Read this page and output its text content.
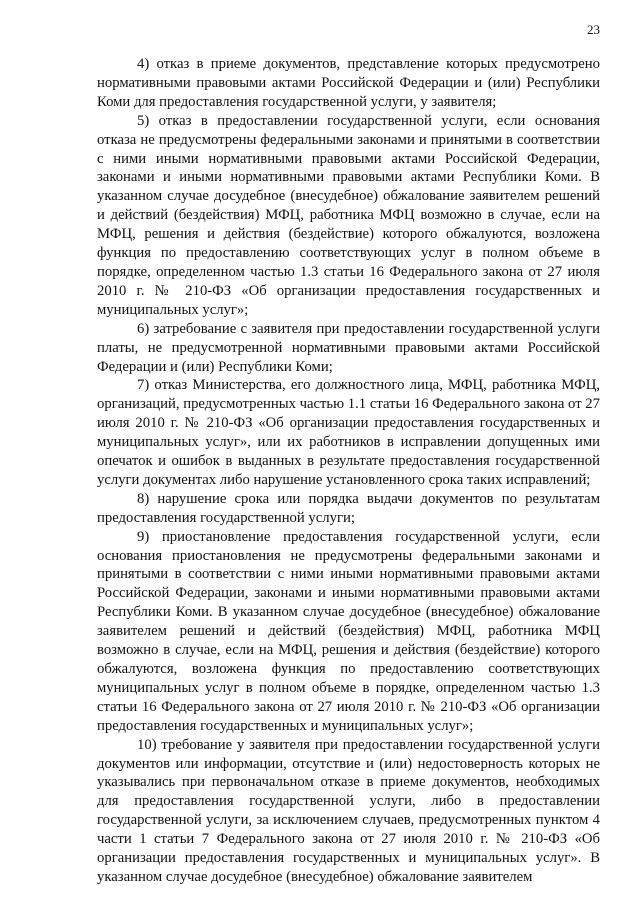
23

4) отказ в приеме документов, представление которых предусмотрено нормативными правовыми актами Российской Федерации и (или) Республики Коми для предоставления государственной услуги, у заявителя;

5) отказ в предоставлении государственной услуги, если основания отказа не предусмотрены федеральными законами и принятыми в соответствии с ними иными нормативными правовыми актами Российской Федерации, законами и иными нормативными правовыми актами Республики Коми. В указанном случае досудебное (внесудебное) обжалование заявителем решений и действий (бездействия) МФЦ, работника МФЦ возможно в случае, если на МФЦ, решения и действия (бездействие) которого обжалуются, возложена функция по предоставлению соответствующих услуг в полном объеме в порядке, определенном частью 1.3 статьи 16 Федерального закона от 27 июля 2010 г. № 210-ФЗ «Об организации предоставления государственных и муниципальных услуг»;

6) затребование с заявителя при предоставлении государственной услуги платы, не предусмотренной нормативными правовыми актами Российской Федерации и (или) Республики Коми;

7) отказ Министерства, его должностного лица, МФЦ, работника МФЦ, организаций, предусмотренных частью 1.1 статьи 16 Федерального закона от 27 июля 2010 г. № 210-ФЗ «Об организации предоставления государственных и муниципальных услуг», или их работников в исправлении допущенных ими опечаток и ошибок в выданных в результате предоставления государственной услуги документах либо нарушение установленного срока таких исправлений;

8) нарушение срока или порядка выдачи документов по результатам предоставления государственной услуги;

9) приостановление предоставления государственной услуги, если основания приостановления не предусмотрены федеральными законами и принятыми в соответствии с ними иными нормативными правовыми актами Российской Федерации, законами и иными нормативными правовыми актами Республики Коми. В указанном случае досудебное (внесудебное) обжалование заявителем решений и действий (бездействия) МФЦ, работника МФЦ возможно в случае, если на МФЦ, решения и действия (бездействие) которого обжалуются, возложена функция по предоставлению соответствующих муниципальных услуг в полном объеме в порядке, определенном частью 1.3 статьи 16 Федерального закона от 27 июля 2010 г. № 210-ФЗ «Об организации предоставления государственных и муниципальных услуг»;

10) требование у заявителя при предоставлении государственной услуги документов или информации, отсутствие и (или) недостоверность которых не указывались при первоначальном отказе в приеме документов, необходимых для предоставления государственной услуги, либо в предоставлении государственной услуги, за исключением случаев, предусмотренных пунктом 4 части 1 статьи 7 Федерального закона от 27 июля 2010 г. № 210-ФЗ «Об организации предоставления государственных и муниципальных услуг». В указанном случае досудебное (внесудебное) обжалование заявителем
